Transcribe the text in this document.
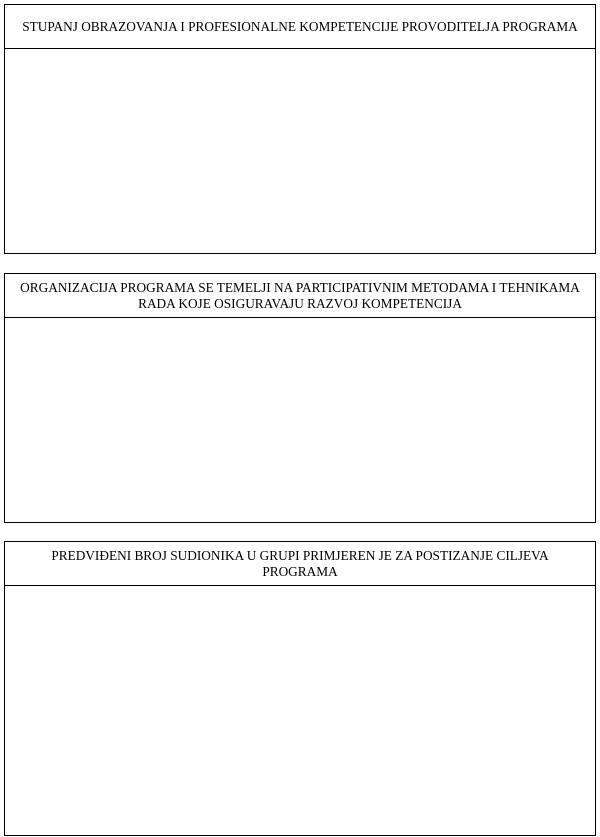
STUPANJ OBRAZOVANJA I PROFESIONALNE KOMPETENCIJE PROVODITELJA PROGRAMA
ORGANIZACIJA PROGRAMA SE TEMELJI NA PARTICIPATIVNIM METODAMA I TEHNIKAMA RADA KOJE OSIGURAVAJU RAZVOJ KOMPETENCIJA
PREDVIĐENI BROJ SUDIONIKA U GRUPI PRIMJEREN JE ZA POSTIZANJE CILJEVA PROGRAMA
